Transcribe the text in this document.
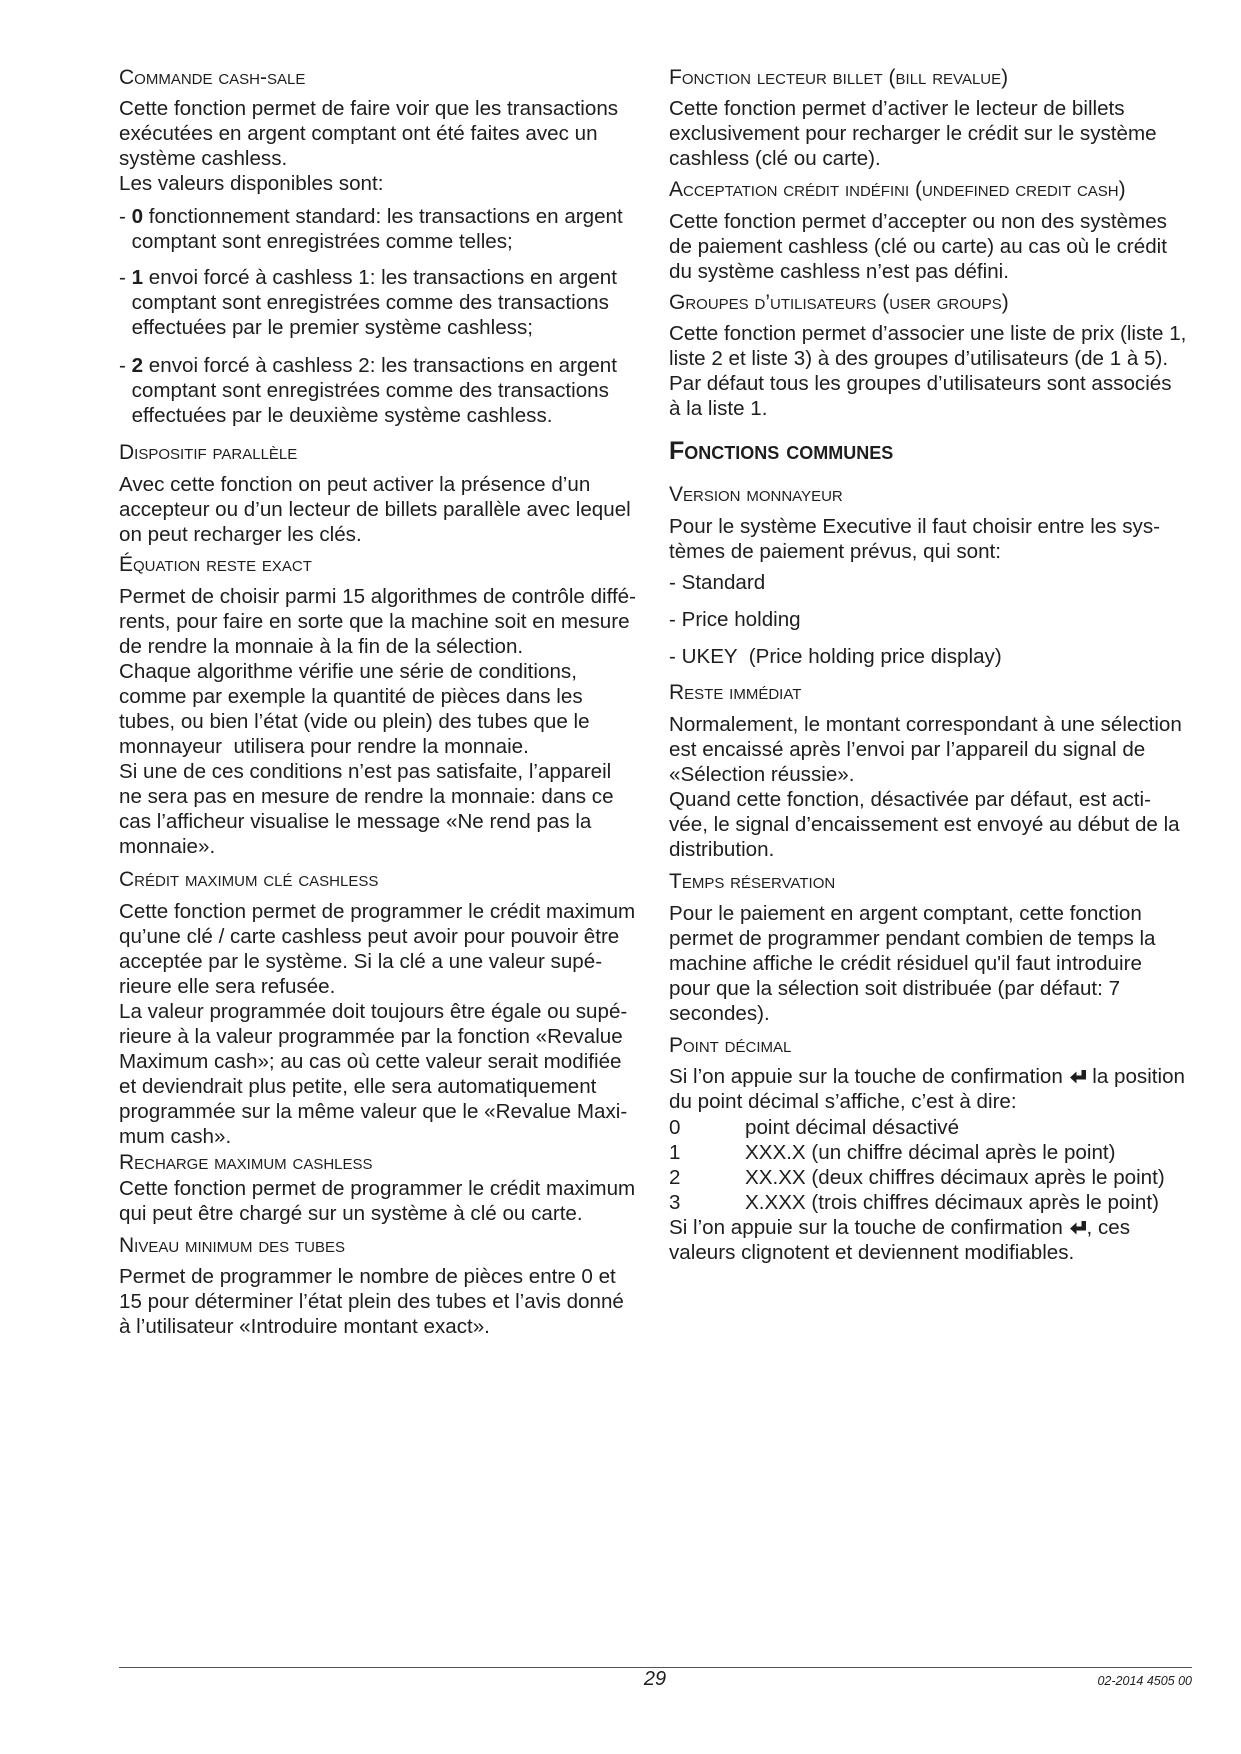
Commande cash-sale
Cette fonction permet de faire voir que les transactions
exécutées en argent comptant ont été faites avec un
système cashless.
Les valeurs disponibles sont:
- 0 fonctionnement standard: les transactions en argent
comptant sont enregistrées comme telles;
- 1 envoi forcé à cashless 1: les transactions en argent
comptant sont enregistrées comme des transactions
effectuées par le premier système cashless;
- 2 envoi forcé à cashless 2: les transactions en argent
comptant sont enregistrées comme des transactions
effectuées par le deuxième système cashless.
Dispositif parallèle
Avec cette fonction on peut activer la présence d’un
accepteur ou d’un lecteur de billets parallèle avec lequel
on peut recharger les clés.
Équation reste exact
Permet de choisir parmi 15 algorithmes de contrôle diffé-
rents, pour faire en sorte que la machine soit en mesure
de rendre la monnaie à la fin de la sélection.
Chaque algorithme vérifie une série de conditions,
comme par exemple la quantité de pièces dans les
tubes, ou bien l’état (vide ou plein) des tubes que le
monnayeur  utilisera pour rendre la monnaie.
Si une de ces conditions n’est pas satisfaite, l’appareil
ne sera pas en mesure de rendre la monnaie: dans ce
cas l’afficheur visualise le message «Ne rend pas la
monnaie».
Crédit maximum clé cashless
Cette fonction permet de programmer le crédit maximum
qu’une clé / carte cashless peut avoir pour pouvoir être
acceptée par le système. Si la clé a une valeur supé-
rieure elle sera refusée.
La valeur programmée doit toujours être égale ou supé-
rieure à la valeur programmée par la fonction «Revalue
Maximum cash»; au cas où cette valeur serait modifiée
et deviendrait plus petite, elle sera automatiquement
programmée sur la même valeur que le «Revalue Maxi-
mum cash».
Recharge maximum cashless
Cette fonction permet de programmer le crédit maximum
qui peut être chargé sur un système à clé ou carte.
Niveau minimum des tubes
Permet de programmer le nombre de pièces entre 0 et
15 pour déterminer l’état plein des tubes et l’avis donné
à l’utilisateur «Introduire montant exact».
Fonction lecteur billet (bill revalue)
Cette fonction permet d’activer le lecteur de billets
exclusivement pour recharger le crédit sur le système
cashless (clé ou carte).
Acceptation crédit indéfini (undefined credit cash)
Cette fonction permet d’accepter ou non des systèmes
de paiement cashless (clé ou carte) au cas où le crédit
du système cashless n’est pas défini.
Groupes d’utilisateurs (user groups)
Cette fonction permet d’associer une liste de prix (liste 1,
liste 2 et liste 3) à des groupes d’utilisateurs (de 1 à 5).
Par défaut tous les groupes d’utilisateurs sont associés
à la liste 1.
Fonctions communes
Version monnayeur
Pour le système Executive il faut choisir entre les sys-
tèmes de paiement prévus, qui sont:
- Standard
- Price holding
- UKEY  (Price holding price display)
Reste immédiat
Normalement, le montant correspondant à une sélection
est encaissé après l’envoi par l’appareil du signal de
«Sélection réussie».
Quand cette fonction, désactivée par défaut, est acti-
vée, le signal d’encaissement est envoyé au début de la
distribution.
Temps réservation
Pour le paiement en argent comptant, cette fonction
permet de programmer pendant combien de temps la
machine affiche le crédit résiduel qu'il faut introduire
pour que la sélection soit distribuée (par défaut: 7
secondes).
Point décimal
Si l’on appuie sur la touche de confirmation
la position
du point décimal s’affiche, c’est à dire:
0	point décimal désactivé
1	XXX.X (un chiffre décimal après le point)
2	XX.XX (deux chiffres décimaux après le point)
3	X.XXX (trois chiffres décimaux après le point)
Si l’on appuie sur la touche de confirmation
, ces
valeurs clignotent et deviennent modifiables.
29	02-2014 4505 00
